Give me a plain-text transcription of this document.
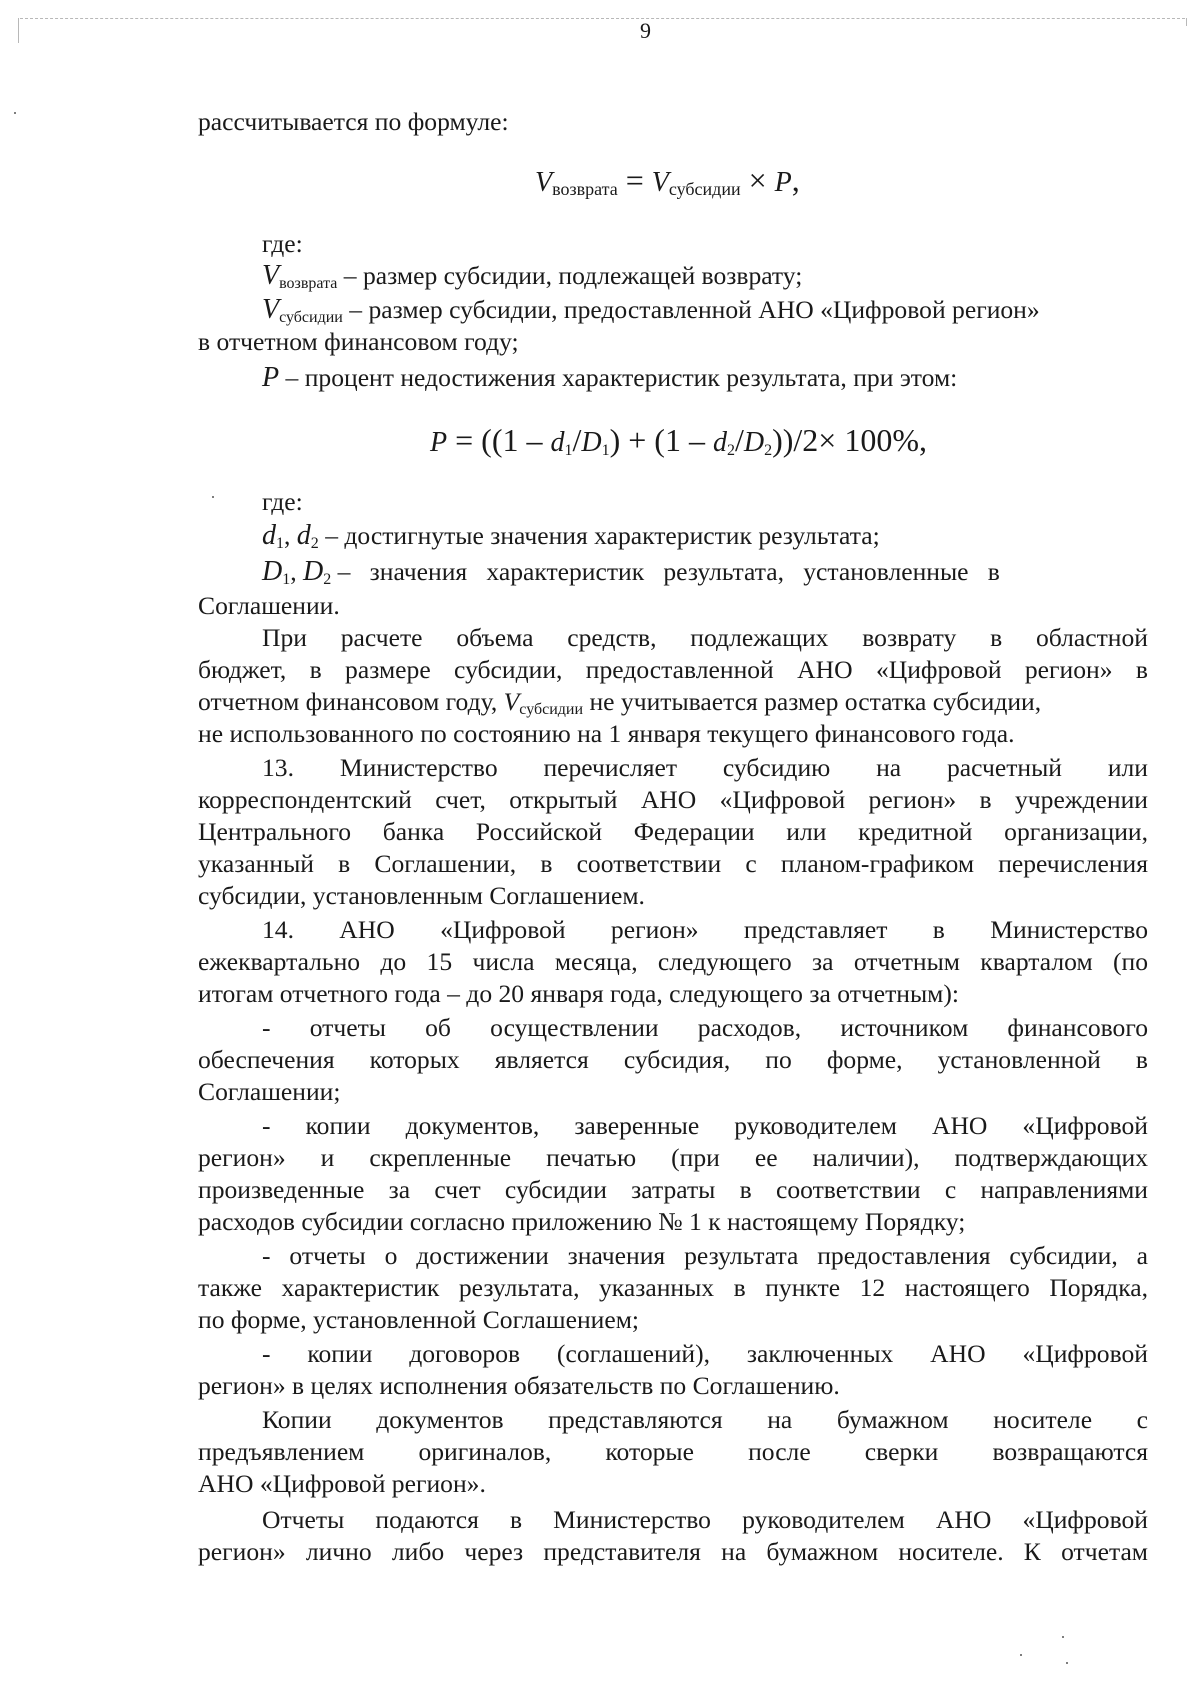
9
рассчитывается по формуле:
$V_{возврата} = V_{субсидии} \times P$,
где:
$V_{возврата}$ – размер субсидии, подлежащей возврату;
$V_{субсидии}$ – размер субсидии, предоставленной АНО «Цифровой регион»
в отчетном финансовом году;
P – процент недостижения характеристик результата, при этом:
$P = ((1 - d_1/D_1) + (1 - d_2/D_2))/2\times 100\%$,
где:
$d_1$, $d_2$ – достигнутые значения характеристик результата;
$D_1$, $D_2$ –   значения   характеристик   результата,   установленные   в
Соглашении.
При расчете объема средств, подлежащих возврату в областной
бюджет, в размере субсидии, предоставленной АНО «Цифровой регион» в
отчетном финансовом году, $V_{субсидии}$ не учитывается размер остатка субсидии,
не использованного по состоянию на 1 января текущего финансового года.
13. Министерство перечисляет субсидию на расчетный или
корреспондентский счет, открытый АНО «Цифровой регион» в учреждении
Центрального банка Российской Федерации или кредитной организации,
указанный в Соглашении, в соответствии с планом-графиком перечисления
субсидии, установленным Соглашением.
14. АНО «Цифровой регион» представляет в Министерство
ежеквартально до 15 числа месяца, следующего за отчетным кварталом (по
итогам отчетного года – до 20 января года, следующего за отчетным):
- отчеты об осуществлении расходов, источником финансового
обеспечения которых является субсидия, по форме, установленной в
Соглашении;
- копии документов, заверенные руководителем АНО «Цифровой
регион» и скрепленные печатью (при ее наличии), подтверждающих
произведенные за счет субсидии затраты в соответствии с направлениями
расходов субсидии согласно приложению № 1 к настоящему Порядку;
- отчеты о достижении значения результата предоставления субсидии, а
также характеристик результата, указанных в пункте 12 настоящего Порядка,
по форме, установленной Соглашением;
- копии договоров (соглашений), заключенных АНО «Цифровой
регион» в целях исполнения обязательств по Соглашению.
Копии документов представляются на бумажном носителе с
предъявлением оригиналов, которые после сверки возвращаются
АНО «Цифровой регион».
Отчеты подаются в Министерство руководителем АНО «Цифровой
регион» лично либо через представителя на бумажном носителе. К отчетам
